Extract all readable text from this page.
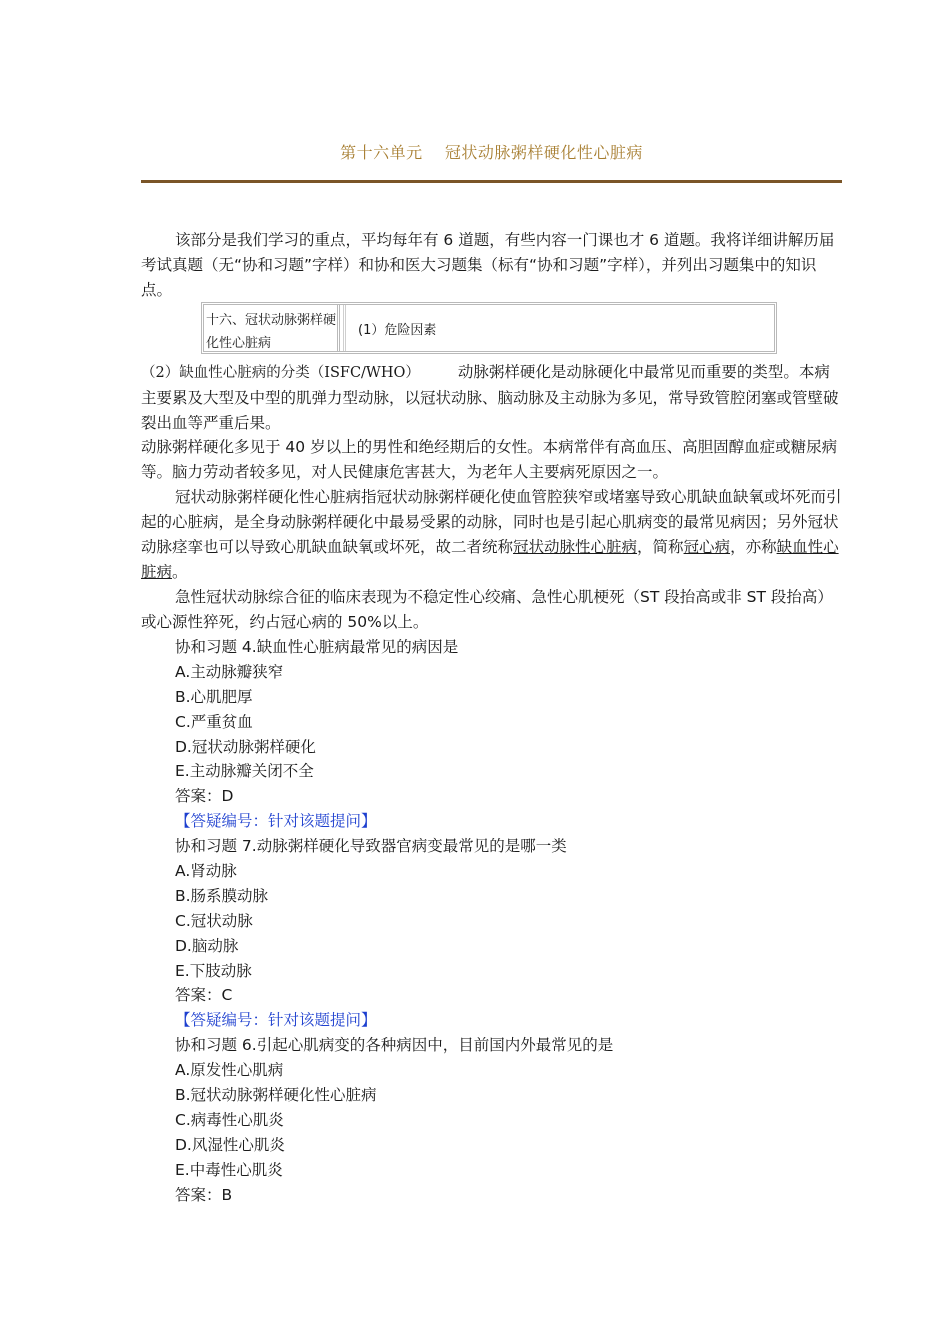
第十六单元    冠状动脉粥样硬化性心脏病

该部分是我们学习的重点，平均每年有 6 道题，有些内容一门课也才 6 道题。我将详细讲解历届考试真题（无“协和习题”字样）和协和医大习题集（标有“协和习题”字样），并列出习题集中的知识点。

十六、冠状动脉粥样硬化性心脏病
(1）危险因素

（2）缺血性心脏病的分类（ISFC/WHO） 动脉粥样硬化是动脉硬化中最常见而重要的类型。本病主要累及大型及中型的肌弹力型动脉，以冠状动脉、脑动脉及主动脉为多见，常导致管腔闭塞或管壁破裂出血等严重后果。

动脉粥样硬化多见于 40 岁以上的男性和绝经期后的女性。本病常伴有高血压、高胆固醇血症或糖尿病等。脑力劳动者较多见，对人民健康危害甚大，为老年人主要病死原因之一。

冠状动脉粥样硬化性心脏病指冠状动脉粥样硬化使血管腔狭窄或堵塞导致心肌缺血缺氧或坏死而引起的心脏病，是全身动脉粥样硬化中最易受累的动脉，同时也是引起心肌病变的最常见病因；另外冠状动脉痉挛也可以导致心肌缺血缺氧或坏死，故二者统称冠状动脉性心脏病，简称冠心病，亦称缺血性心脏病。

急性冠状动脉综合征的临床表现为不稳定性心绞痛、急性心肌梗死（ST 段抬高或非 ST 段抬高）或心源性猝死，约占冠心病的 50%以上。

协和习题 4.缺血性心脏病最常见的病因是
A.主动脉瓣狭窄
B.心肌肥厚
C.严重贫血
D.冠状动脉粥样硬化
E.主动脉瓣关闭不全
答案：D
【答疑编号：针对该题提问】
协和习题 7.动脉粥样硬化导致器官病变最常见的是哪一类
A.肾动脉
B.肠系膜动脉
C.冠状动脉
D.脑动脉
E.下肢动脉
答案：C
【答疑编号：针对该题提问】
协和习题 6.引起心肌病变的各种病因中，目前国内外最常见的是
A.原发性心肌病
B.冠状动脉粥样硬化性心脏病
C.病毒性心肌炎
D.风湿性心肌炎
E.中毒性心肌炎
答案：B
